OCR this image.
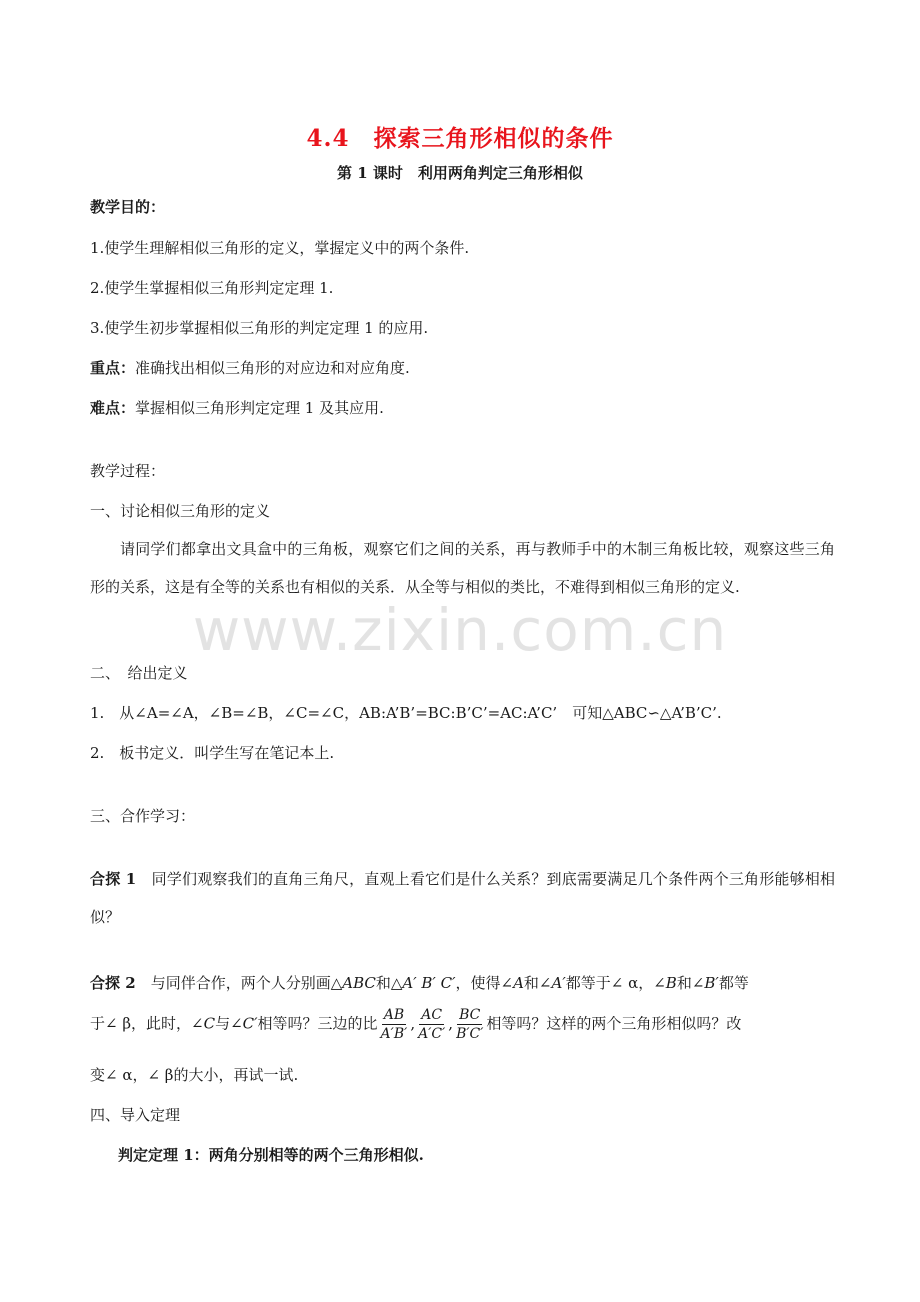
www.zixin.com.cn
4.4　探索三角形相似的条件
第 1 课时　利用两角判定三角形相似
教学目的：
1.使学生理解相似三角形的定义，掌握定义中的两个条件.
2.使学生掌握相似三角形判定定理 1.
3.使学生初步掌握相似三角形的判定定理 1 的应用.
重点：准确找出相似三角形的对应边和对应角度.
难点：掌握相似三角形判定定理 1 及其应用.
教学过程：
一、讨论相似三角形的定义
请同学们都拿出文具盒中的三角板，观察它们之间的关系，再与教师手中的木制三角板比较，观察这些三角形的关系，这是有全等的关系也有相似的关系．从全等与相似的类比，不难得到相似三角形的定义.
二、　给出定义
1.　从∠A=∠A，∠B=∠B，∠C=∠C，AB:A’B’=BC:B’C’=AC:A’C’　可知△ABC∽△A’B’C’.
2.　板书定义．叫学生写在笔记本上.
三、合作学习：
合探 1　 同学们观察我们的直角三角尺，直观上看它们是什么关系？到底需要满足几个条件两个三角形能够相相似？
合探 2　 与同伴合作，两个人分别画△ABC和△A′ B′ C′，使得∠A和∠A′都等于∠ α，∠B和∠B′都等
于∠ β，此时，∠C与∠C′相等吗？三边的比 $\frac{AB}{A'B'}$ , $\frac{AC}{A'C'}$ , $\frac{BC}{B'C'}$ 相等吗？这样的两个三角形相似吗？改
变∠ α，∠ β的大小，再试一试.
四、导入定理
判定定理 1：两角分别相等的两个三角形相似.
